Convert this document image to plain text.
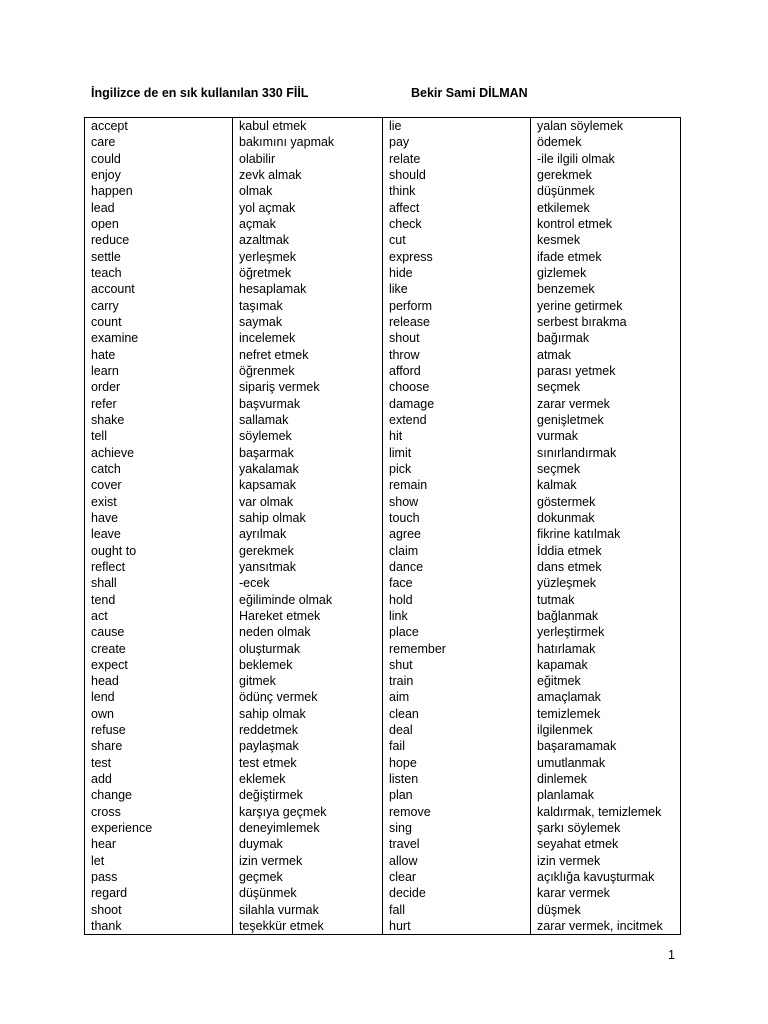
İngilizce de en sık kullanılan 330 FİİL	Bekir Sami DİLMAN
accept	kabul etmek	lie	yalan söylemek
care	bakımını yapmak	pay	ödemek
could	olabilir	relate	-ile ilgili olmak
enjoy	zevk almak	should	gerekmek
happen	olmak	think	düşünmek
lead	yol açmak	affect	etkilemek
open	açmak	check	kontrol etmek
reduce	azaltmak	cut	kesmek
settle	yerleşmek	express	ifade etmek
teach	öğretmek	hide	gizlemek
account	hesaplamak	like	benzemek
carry	taşımak	perform	yerine getirmek
count	saymak	release	serbest bırakma
examine	incelemek	shout	bağırmak
hate	nefret etmek	throw	atmak
learn	öğrenmek	afford	parası yetmek
order	sipariş vermek	choose	seçmek
refer	başvurmak	damage	zarar vermek
shake	sallamak	extend	genişletmek
tell	söylemek	hit	vurmak
achieve	başarmak	limit	sınırlandırmak
catch	yakalamak	pick	seçmek
cover	kapsamak	remain	kalmak
exist	var olmak	show	göstermek
have	sahip olmak	touch	dokunmak
leave	ayrılmak	agree	fikrine katılmak
ought to	gerekmek	claim	İddia etmek
reflect	yansıtmak	dance	dans etmek
shall	-ecek	face	yüzleşmek
tend	eğiliminde olmak	hold	tutmak
act	Hareket etmek	link	bağlanmak
cause	neden olmak	place	yerleştirmek
create	oluşturmak	remember	hatırlamak
expect	beklemek	shut	kapamak
head	gitmek	train	eğitmek
lend	ödünç vermek	aim	amaçlamak
own	sahip olmak	clean	temizlemek
refuse	reddetmek	deal	ilgilenmek
share	paylaşmak	fail	başaramamak
test	test etmek	hope	umutlanmak
add	eklemek	listen	dinlemek
change	değiştirmek	plan	planlamak
cross	karşıya geçmek	remove	kaldırmak, temizlemek
experience	deneyimlemek	sing	şarkı söylemek
hear	duymak	travel	seyahat etmek
let	izin vermek	allow	izin vermek
pass	geçmek	clear	açıklığa kavuşturmak
regard	düşünmek	decide	karar vermek
shoot	silahla vurmak	fall	düşmek
thank	teşekkür etmek	hurt	zarar vermek, incitmek
1
